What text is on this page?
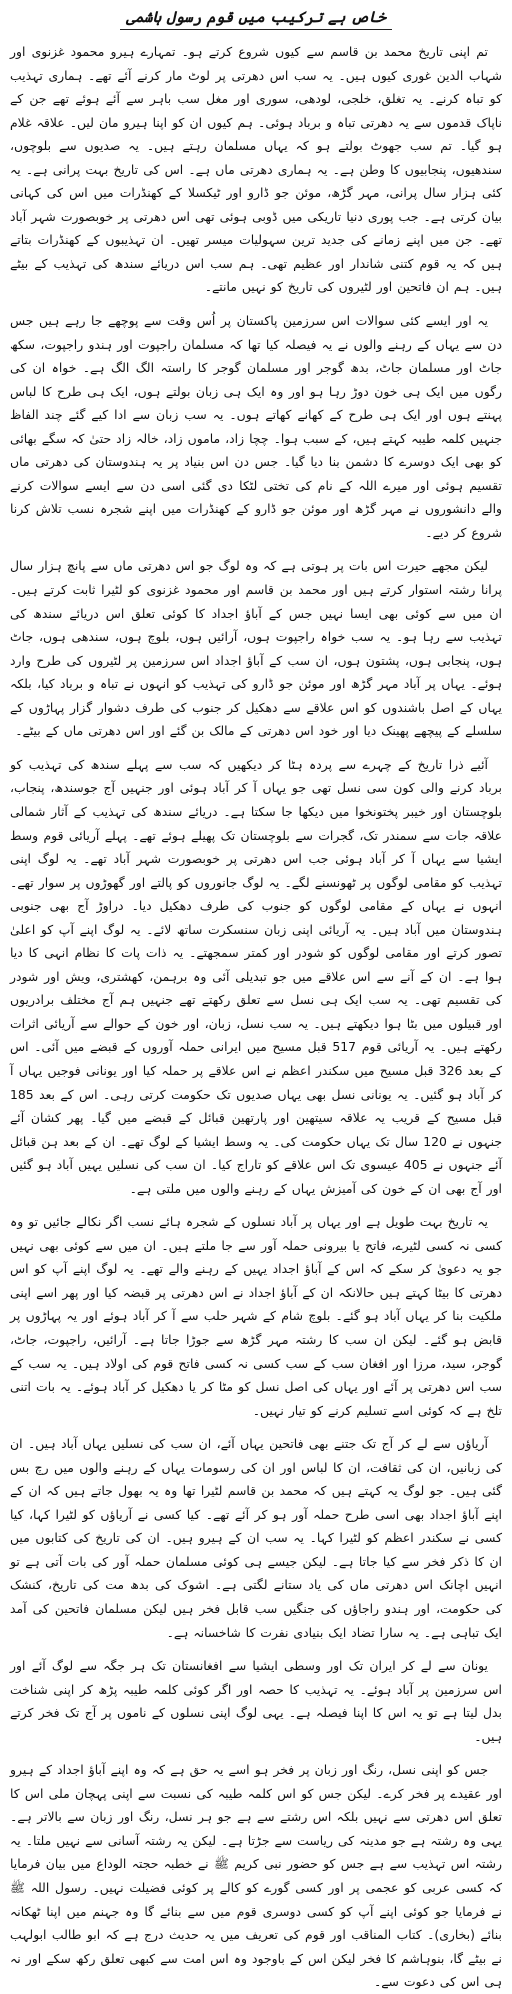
خاص ہے ترکیب میں قوم رسول ہاشمی

تم اپنی تاریخ محمد بن قاسم سے کیوں شروع کرتے ہو۔ تمہارے ہیرو محمود غزنوی اور شہاب الدین غوری کیوں ہیں۔ یہ سب اس دھرتی پر لوٹ مار کرنے آئے تھے۔ ہماری تہذیب کو تباہ کرنے۔ یہ تغلق، خلجی، لودھی، سوری اور مغل سب باہر سے آئے ہوئے تھے جن کے ناپاک قدموں سے یہ دھرتی تباہ و برباد ہوئی۔ ہم کیوں ان کو اپنا ہیرو مان لیں۔ علاقہ غلام ہو گیا۔ تم سب جھوٹ بولتے ہو کہ یہاں مسلمان رہتے ہیں۔ یہ صدیوں سے بلوچوں، سندھیوں، پنجابیوں کا وطن ہے۔ یہ ہماری دھرتی ماں ہے۔ اس کی تاریخ بہت پرانی ہے۔ یہ کئی ہزار سال پرانی، مہر گڑھ، موئن جو ڈارو اور ٹیکسلا کے کھنڈرات میں اس کی کہانی بیان کرتی ہے۔ جب پوری دنیا تاریکی میں ڈوبی ہوئی تھی اس دھرتی پر خوبصورت شہر آباد تھے۔ جن میں اپنے زمانے کی جدید ترین سہولیات میسر تھیں۔ ان تہذیبوں کے کھنڈرات بتاتے ہیں کہ یہ قوم کتنی شاندار اور عظیم تھی۔ ہم سب اس دریائے سندھ کی تہذیب کے بیٹے ہیں۔ ہم ان فاتحین اور لٹیروں کی تاریخ کو نہیں مانتے۔

یہ اور ایسے کئی سوالات اس سرزمین پاکستان پر اُس وقت سے پوچھے جا رہے ہیں جس دن سے یہاں کے رہنے والوں نے یہ فیصلہ کیا تھا کہ مسلمان راجپوت اور ہندو راجپوت، سکھ جاٹ اور مسلمان جاٹ، بدھ گوجر اور مسلمان گوجر کا راستہ الگ الگ ہے۔ خواہ ان کی رگوں میں ایک ہی خون دوڑ رہا ہو اور وہ ایک ہی زبان بولتے ہوں، ایک ہی طرح کا لباس پہنتے ہوں اور ایک ہی طرح کے کھانے کھاتے ہوں۔ یہ سب زبان سے ادا کیے گئے چند الفاظ جنہیں کلمہ طیبہ کہتے ہیں، کے سبب ہوا۔ چچا زاد، ماموں زاد، خالہ زاد حتیٰ کہ سگے بھائی کو بھی ایک دوسرے کا دشمن بنا دیا گیا۔ جس دن اس بنیاد پر یہ ہندوستان کی دھرتی ماں تقسیم ہوئی اور میرے اللہ کے نام کی تختی لٹکا دی گئی اسی دن سے ایسے سوالات کرنے والے دانشوروں نے مہر گڑھ اور موئن جو ڈارو کے کھنڈرات میں اپنے شجرہ نسب تلاش کرنا شروع کر دیے۔

لیکن مجھے حیرت اس بات پر ہوتی ہے کہ وہ لوگ جو اس دھرتی ماں سے پانچ ہزار سال پرانا رشتہ استوار کرتے ہیں اور محمد بن قاسم اور محمود غزنوی کو لٹیرا ثابت کرتے ہیں۔ ان میں سے کوئی بھی ایسا نہیں جس کے آباؤ اجداد کا کوئی تعلق اس دریائے سندھ کی تہذیب سے رہا ہو۔ یہ سب خواہ راجپوت ہوں، آرائیں ہوں، بلوچ ہوں، سندھی ہوں، جاٹ ہوں، پنجابی ہوں، پشتون ہوں، ان سب کے آباؤ اجداد اس سرزمین پر لٹیروں کی طرح وارد ہوئے۔ یہاں پر آباد مہر گڑھ اور موئن جو ڈارو کی تہذیب کو انہوں نے تباہ و برباد کیا، بلکہ یہاں کے اصل باشندوں کو اس علاقے سے دھکیل کر جنوب کی طرف دشوار گزار پہاڑوں کے سلسلے کے پیچھے پھینک دیا اور خود اس دھرتی کے مالک بن گئے اور اس دھرتی ماں کے بیٹے۔

آئیے ذرا تاریخ کے چہرے سے پردہ ہٹا کر دیکھیں کہ سب سے پہلے سندھ کی تہذیب کو برباد کرنے والی کون سی نسل تھی جو یہاں آ کر آباد ہوئی اور جنہیں آج جوسندھ، پنجاب، بلوچستان اور خیبر پختونخوا میں دیکھا جا سکتا ہے۔ دریائے سندھ کی تہذیب کے آثار شمالی علاقہ جات سے سمندر تک، گجرات سے بلوچستان تک پھیلے ہوئے تھے۔ پہلے آریائی قوم وسط ایشیا سے یہاں آ کر آباد ہوئی جب اس دھرتی پر خوبصورت شہر آباد تھے۔ یہ لوگ اپنی تہذیب کو مقامی لوگوں پر ٹھونسنے لگے۔ یہ لوگ جانوروں کو پالتے اور گھوڑوں پر سوار تھے۔ انہوں نے یہاں کے مقامی لوگوں کو جنوب کی طرف دھکیل دیا۔ دراوڑ آج بھی جنوبی ہندوستان میں آباد ہیں۔ یہ آریائی اپنی زبان سنسکرت ساتھ لائے۔ یہ لوگ اپنے آپ کو اعلیٰ تصور کرتے اور مقامی لوگوں کو شودر اور کمتر سمجھتے۔ یہ ذات پات کا نظام انہی کا دیا ہوا ہے۔ ان کے آنے سے اس علاقے میں جو تبدیلی آئی وہ برہمن، کھشتری، ویش اور شودر کی تقسیم تھی۔ یہ سب ایک ہی نسل سے تعلق رکھتے تھے جنہیں ہم آج مختلف برادریوں اور قبیلوں میں بٹا ہوا دیکھتے ہیں۔ یہ سب نسل، زبان، اور خون کے حوالے سے آریائی اثرات رکھتے ہیں۔ یہ آریائی قوم 517 قبل مسیح میں ایرانی حملہ آوروں کے قبضے میں آئی۔ اس کے بعد 326 قبل مسیح میں سکندر اعظم نے اس علاقے پر حملہ کیا اور یونانی فوجیں یہاں آ کر آباد ہو گئیں۔ یہ یونانی نسل بھی یہاں صدیوں تک حکومت کرتی رہی۔ اس کے بعد 185 قبل مسیح کے قریب یہ علاقہ سیتھین اور پارتھین قبائل کے قبضے میں گیا۔ پھر کشان آئے جنہوں نے 120 سال تک یہاں حکومت کی۔ یہ وسط ایشیا کے لوگ تھے۔ ان کے بعد ہن قبائل آئے جنہوں نے 405 عیسوی تک اس علاقے کو تاراج کیا۔ ان سب کی نسلیں یہیں آباد ہو گئیں اور آج بھی ان کے خون کی آمیزش یہاں کے رہنے والوں میں ملتی ہے۔

یہ تاریخ بہت طویل ہے اور یہاں پر آباد نسلوں کے شجرہ ہائے نسب اگر نکالے جائیں تو وہ کسی نہ کسی لٹیرے، فاتح یا بیرونی حملہ آور سے جا ملتے ہیں۔ ان میں سے کوئی بھی نہیں جو یہ دعویٰ کر سکے کہ اس کے آباؤ اجداد یہیں کے رہنے والے تھے۔ یہ لوگ اپنے آپ کو اس دھرتی کا بیٹا کہتے ہیں حالانکہ ان کے آباؤ اجداد نے اس دھرتی پر قبضہ کیا اور پھر اسے اپنی ملکیت بنا کر یہاں آباد ہو گئے۔ بلوچ شام کے شہر حلب سے آ کر آباد ہوئے اور یہ پہاڑوں پر قابض ہو گئے۔ لیکن ان سب کا رشتہ مہر گڑھ سے جوڑا جاتا ہے۔ آرائیں، راجپوت، جاٹ، گوجر، سید، مرزا اور افغان سب کے سب کسی نہ کسی فاتح قوم کی اولاد ہیں۔ یہ سب کے سب اس دھرتی پر آئے اور یہاں کی اصل نسل کو مٹا کر یا دھکیل کر آباد ہوئے۔ یہ بات اتنی تلخ ہے کہ کوئی اسے تسلیم کرنے کو تیار نہیں۔

آریاؤں سے لے کر آج تک جتنے بھی فاتحین یہاں آئے، ان سب کی نسلیں یہاں آباد ہیں۔ ان کی زبانیں، ان کی ثقافت، ان کا لباس اور ان کی رسومات یہاں کے رہنے والوں میں رچ بس گئی ہیں۔ جو لوگ یہ کہتے ہیں کہ محمد بن قاسم لٹیرا تھا وہ یہ بھول جاتے ہیں کہ ان کے اپنے آباؤ اجداد بھی اسی طرح حملہ آور ہو کر آئے تھے۔ کیا کسی نے آریاؤں کو لٹیرا کہا، کیا کسی نے سکندر اعظم کو لٹیرا کہا۔ یہ سب ان کے ہیرو ہیں۔ ان کی تاریخ کی کتابوں میں ان کا ذکر فخر سے کیا جاتا ہے۔ لیکن جیسے ہی کوئی مسلمان حملہ آور کی بات آتی ہے تو انہیں اچانک اس دھرتی ماں کی یاد ستانے لگتی ہے۔ اشوک کی بدھ مت کی تاریخ، کنشک کی حکومت، اور ہندو راجاؤں کی جنگیں سب قابل فخر ہیں لیکن مسلمان فاتحین کی آمد ایک تباہی ہے۔ یہ سارا تضاد ایک بنیادی نفرت کا شاخسانہ ہے۔

یونان سے لے کر ایران تک اور وسطی ایشیا سے افغانستان تک ہر جگہ سے لوگ آئے اور اس سرزمین پر آباد ہوئے۔ یہ تہذیب کا حصہ اور اگر کوئی کلمہ طیبہ پڑھ کر اپنی شناخت بدل لیتا ہے تو یہ اس کا اپنا فیصلہ ہے۔ یہی لوگ اپنی نسلوں کے ناموں پر آج تک فخر کرتے ہیں۔

جس کو اپنی نسل، رنگ اور زبان پر فخر ہو اسے یہ حق ہے کہ وہ اپنے آباؤ اجداد کے ہیرو اور عقیدے پر فخر کرے۔ لیکن جس کو اس کلمہ طیبہ کی نسبت سے اپنی پہچان ملی اس کا تعلق اس دھرتی سے نہیں بلکہ اس رشتے سے ہے جو ہر نسل، رنگ اور زبان سے بالاتر ہے۔ یہی وہ رشتہ ہے جو مدینہ کی ریاست سے جڑتا ہے۔ لیکن یہ رشتہ آسانی سے نہیں ملتا۔ یہ رشتہ اس تہذیب سے ہے جس کو حضور نبی کریم ﷺ نے خطبہ حجتہ الوداع میں بیان فرمایا کہ کسی عربی کو عجمی پر اور کسی گورے کو کالے پر کوئی فضیلت نہیں۔ رسول اللہ ﷺ نے فرمایا جو کوئی اپنے آپ کو کسی دوسری قوم میں سے بنائے گا وہ جہنم میں اپنا ٹھکانہ بنائے (بخاری)۔ کتاب المناقب اور قوم کی تعریف میں یہ حدیث درج ہے کہ ابو طالب ابولہب نے بیٹے گا، بنوہاشم کا فخر لیکن اس کے باوجود وہ اس امت سے کبھی تعلق رکھ سکے اور نہ ہی اس کی دعوت سے۔
